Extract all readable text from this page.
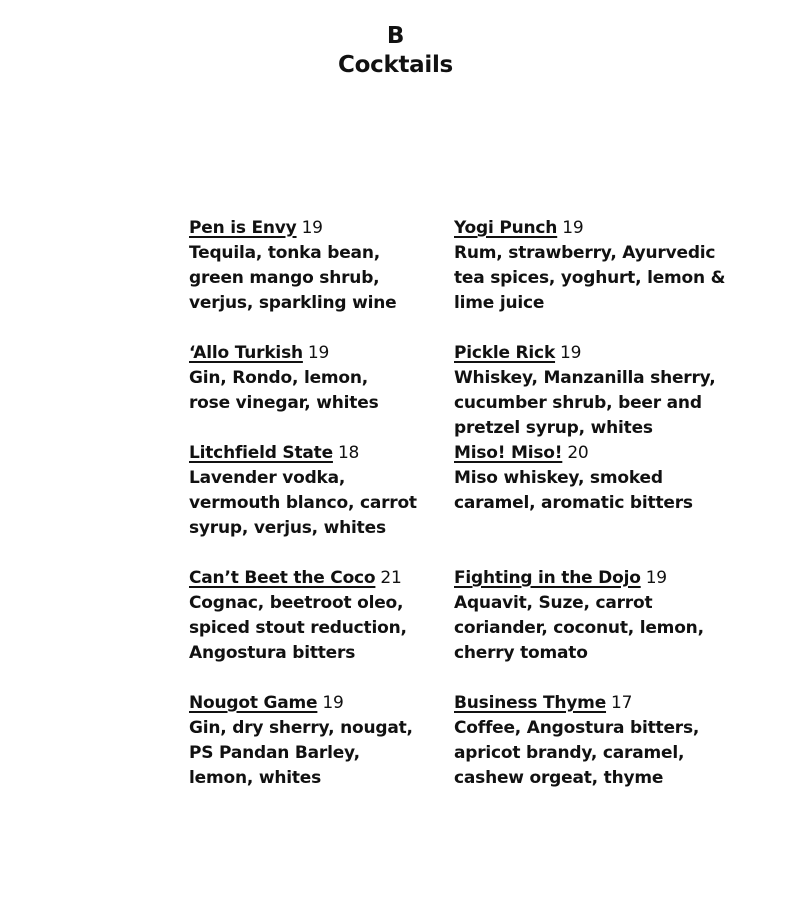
B
Cocktails
Pen is Envy 19
Tequila, tonka bean,
green mango shrub,
verjus, sparkling wine
‘Allo Turkish 19
Gin, Rondo, lemon,
rose vinegar, whites
Litchfield State 18
Lavender vodka,
vermouth blanco, carrot
syrup, verjus, whites
Can’t Beet the Coco 21
Cognac, beetroot oleo,
spiced stout reduction,
Angostura bitters
Nougot Game 19
Gin, dry sherry, nougat,
PS Pandan Barley,
lemon, whites
Yogi Punch 19
Rum, strawberry, Ayurvedic
tea spices, yoghurt, lemon &
lime juice
Pickle Rick 19
Whiskey, Manzanilla sherry,
cucumber shrub, beer and
pretzel syrup, whites
Miso! Miso! 20
Miso whiskey, smoked
caramel, aromatic bitters
Fighting in the Dojo 19
Aquavit, Suze, carrot
coriander, coconut, lemon,
cherry tomato
Business Thyme 17
Coffee, Angostura bitters,
apricot brandy, caramel,
cashew orgeat, thyme
